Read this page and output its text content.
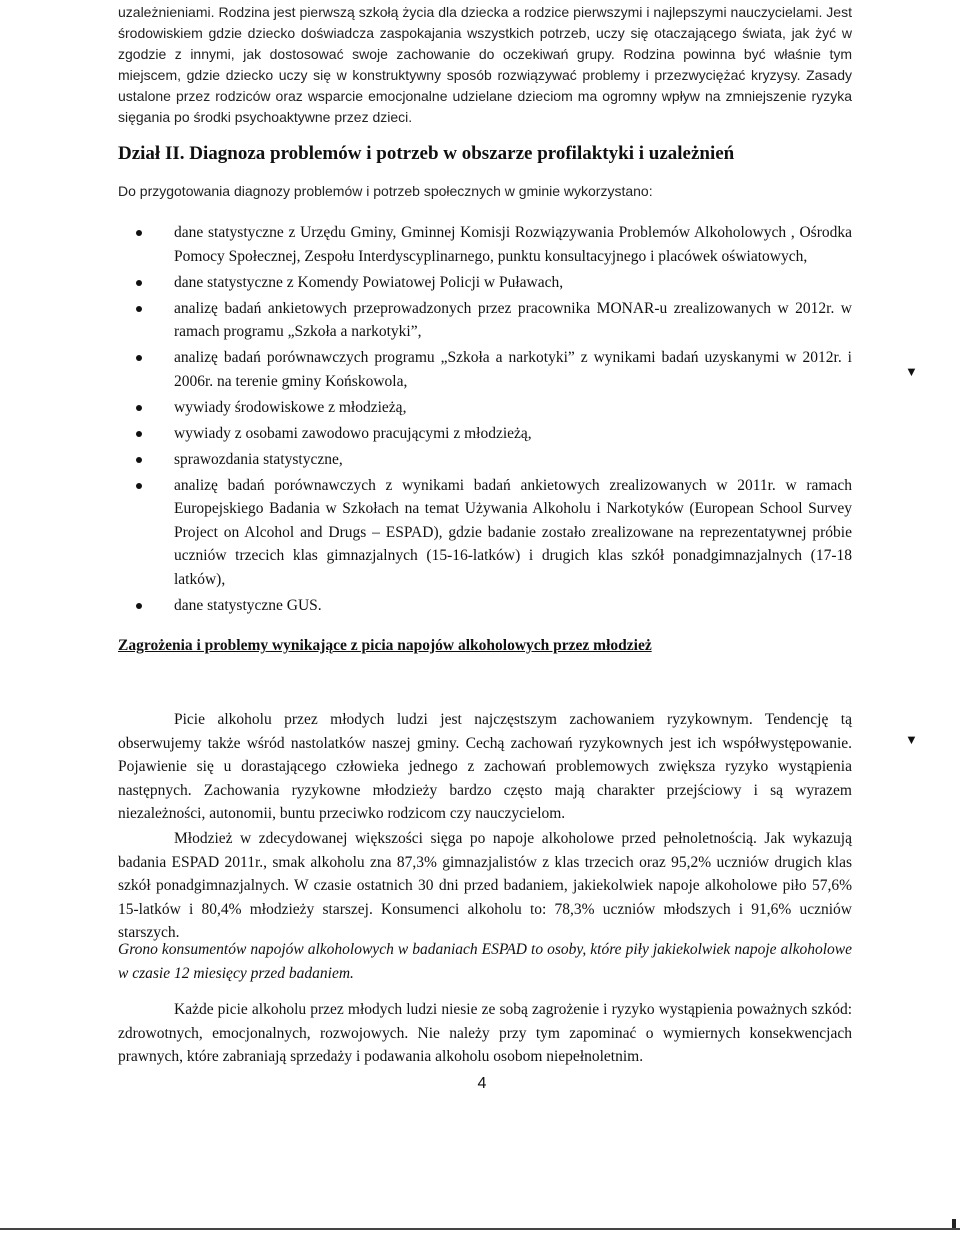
uzależnieniami. Rodzina jest pierwszą szkołą życia dla dziecka a rodzice pierwszymi i najlepszymi nauczycielami. Jest środowiskiem gdzie dziecko doświadcza zaspokajania wszystkich potrzeb, uczy się otaczającego świata, jak żyć w zgodzie z innymi, jak dostosować swoje zachowanie do oczekiwań grupy. Rodzina powinna być właśnie tym miejscem, gdzie dziecko uczy się w konstruktywny sposób rozwiązywać problemy i przezwyciężać kryzysy. Zasady ustalone przez rodziców oraz wsparcie emocjonalne udzielane dzieciom ma ogromny wpływ na zmniejszenie ryzyka sięgania po środki psychoaktywne przez dzieci.

Dział II. Diagnoza problemów i potrzeb w obszarze profilaktyki i uzależnień

Do przygotowania diagnozy problemów i potrzeb społecznych w gminie wykorzystano:

dane statystyczne z Urzędu Gminy, Gminnej Komisji Rozwiązywania Problemów Alkoholowych , Ośrodka Pomocy Społecznej, Zespołu Interdyscyplinarnego, punktu konsultacyjnego i placówek oświatowych,
dane statystyczne z Komendy Powiatowej Policji w Puławach,
analizę badań ankietowych przeprowadzonych przez pracownika MONAR-u zrealizowanych w 2012r. w ramach programu „Szkoła a narkotyki”,
analizę badań porównawczych programu „Szkoła a narkotyki” z wynikami badań uzyskanymi w 2012r. i 2006r. na terenie gminy Końskowola,
wywiady środowiskowe z młodzieżą,
wywiady z osobami zawodowo pracującymi z młodzieżą,
sprawozdania statystyczne,
analizę badań porównawczych z wynikami badań ankietowych zrealizowanych w 2011r. w ramach Europejskiego Badania w Szkołach na temat Używania Alkoholu i Narkotyków (European School Survey Project on Alcohol and Drugs – ESPAD), gdzie badanie zostało zrealizowane na reprezentatywnej próbie uczniów trzecich klas gimnazjalnych (15-16-latków) i drugich klas szkół ponadgimnazjalnych (17-18 latków),
dane statystyczne GUS.
Zagrożenia i problemy wynikające z picia napojów alkoholowych przez młodzież

Picie alkoholu przez młodych ludzi jest najczęstszym zachowaniem ryzykownym. Tendencję tą obserwujemy także wśród nastolatków naszej gminy. Cechą zachowań ryzykownych jest ich współwystępowanie. Pojawienie się u dorastającego człowieka jednego z zachowań problemowych zwiększa ryzyko wystąpienia następnych. Zachowania ryzykowne młodzieży bardzo często mają charakter przejściowy i są wyrazem niezależności, autonomii, buntu przeciwko rodzicom czy nauczycielom.

Młodzież w zdecydowanej większości sięga po napoje alkoholowe przed pełnoletnością. Jak wykazują badania ESPAD 2011r., smak alkoholu zna 87,3% gimnazjalistów z klas trzecich oraz 95,2% uczniów drugich klas szkół ponadgimnazjalnych. W czasie ostatnich 30 dni przed badaniem, jakiekolwiek napoje alkoholowe piło 57,6% 15-latków i 80,4% młodzieży starszej. Konsumenci alkoholu to: 78,3% uczniów młodszych i 91,6% uczniów starszych.

Grono konsumentów napojów alkoholowych w badaniach ESPAD to osoby, które piły jakiekolwiek napoje alkoholowe w czasie 12 miesięcy przed badaniem.

Każde picie alkoholu przez młodych ludzi niesie ze sobą zagrożenie i ryzyko wystąpienia poważnych szkód: zdrowotnych, emocjonalnych, rozwojowych. Nie należy przy tym zapominać o wymiernych konsekwencjach prawnych, które zabraniają sprzedaży i podawania alkoholu osobom niepełnoletnim.

4
▼
▼
